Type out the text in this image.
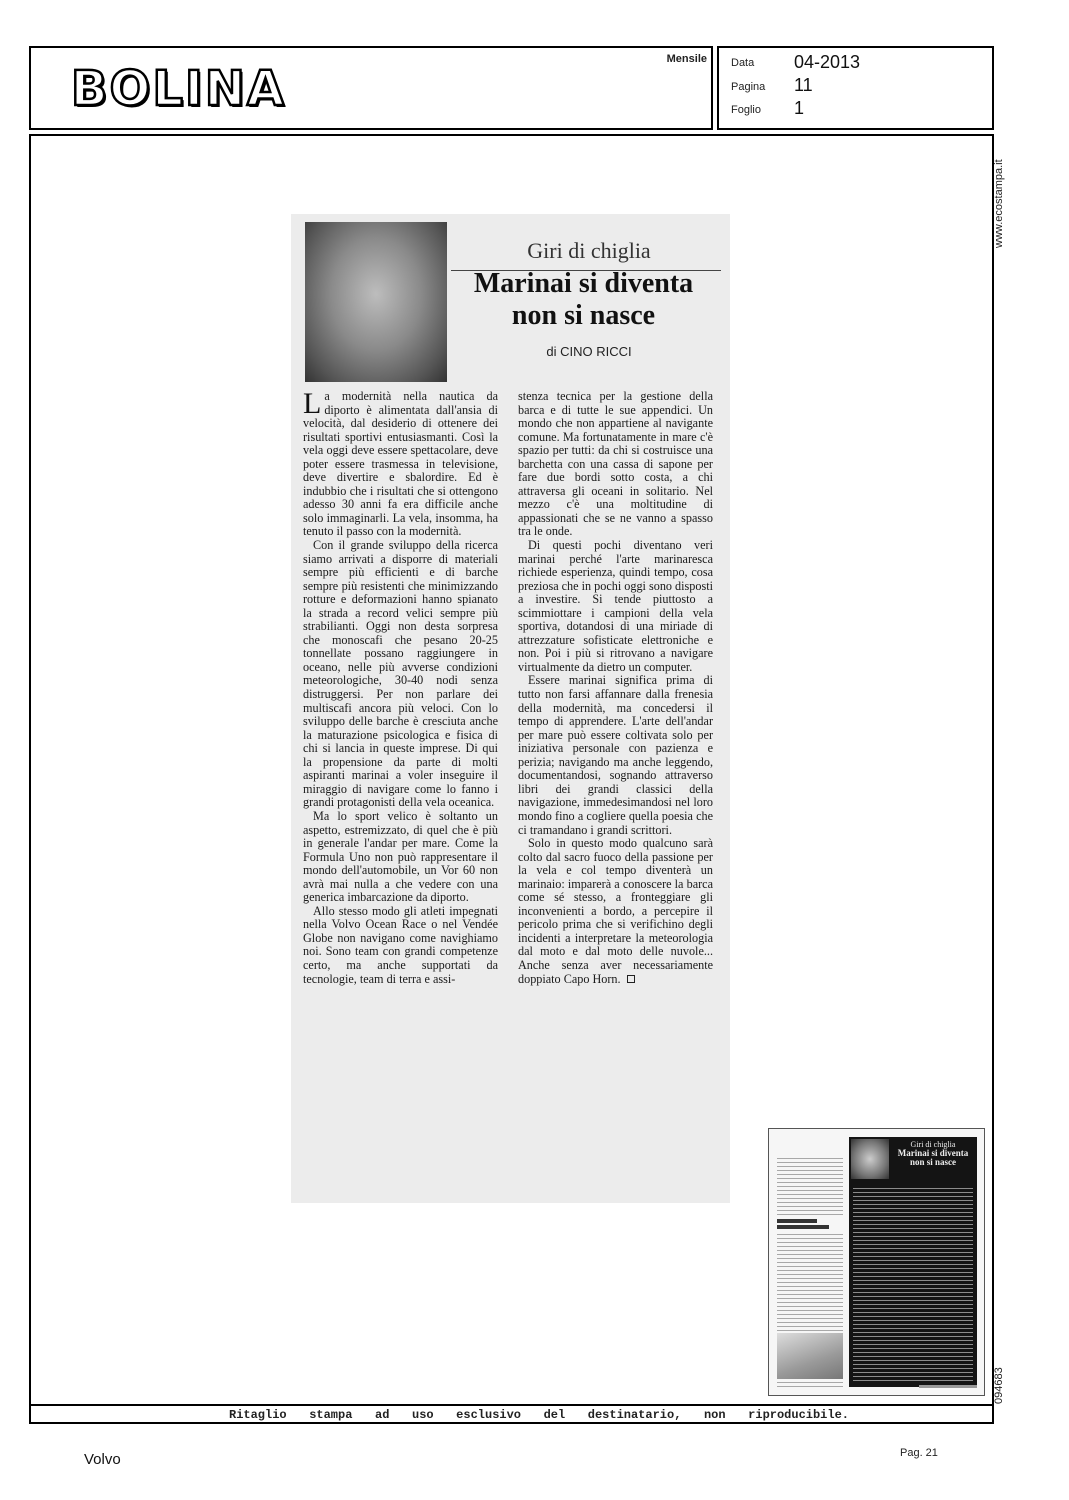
BOLINA
Mensile Data 04-2013
Pagina 11
Foglio 1
www.ecostampa.it
094683
Giri di chiglia
Marinai si diventa
non si nasce
di CINO RICCI

La modernità nella nautica da diporto è alimentata dall'ansia di velocità, dal desiderio di ottenere dei risultati sportivi entusiasmanti. Così la vela oggi deve essere spettacolare, deve poter essere trasmessa in televisione, deve divertire e sbalordire. Ed è indubbio che i risultati che si ottengono adesso 30 anni fa era difficile anche solo immaginarli. La vela, insomma, ha tenuto il passo con la modernità.

Con il grande sviluppo della ricerca siamo arrivati a disporre di materiali sempre più efficienti e di barche sempre più resistenti che minimizzando rotture e deformazioni hanno spianato la strada a record velici sempre più strabilianti. Oggi non desta sorpresa che monoscafi che pesano 20-25 tonnellate possano raggiungere in oceano, nelle più avverse condizioni meteorologiche, 30-40 nodi senza distruggersi. Per non parlare dei multiscafi ancora più veloci. Con lo sviluppo delle barche è cresciuta anche la maturazione psicologica e fisica di chi si lancia in queste imprese. Di qui la propensione da parte di molti aspiranti marinai a voler inseguire il miraggio di navigare come lo fanno i grandi protagonisti della vela oceanica.

Ma lo sport velico è soltanto un aspetto, estremizzato, di quel che è più in generale l'andar per mare. Come la Formula Uno non può rappresentare il mondo dell'automobile, un Vor 60 non avrà mai nulla a che vedere con una generica imbarcazione da diporto.

Allo stesso modo gli atleti impegnati nella Volvo Ocean Race o nel Vendée Globe non navigano come navighiamo noi. Sono team con grandi competenze certo, ma anche supportati da tecnologie, team di terra e assi-

stenza tecnica per la gestione della barca e di tutte le sue appendici. Un mondo che non appartiene al navigante comune. Ma fortunatamente in mare c'è spazio per tutti: da chi si costruisce una barchetta con una cassa di sapone per fare due bordi sotto costa, a chi attraversa gli oceani in solitario. Nel mezzo c'è una moltitudine di appassionati che se ne vanno a spasso tra le onde.

Di questi pochi diventano veri marinai perché l'arte marinaresca richiede esperienza, quindi tempo, cosa preziosa che in pochi oggi sono disposti a investire. Si tende piuttosto a scimmiottare i campioni della vela sportiva, dotandosi di una miriade di attrezzature sofisticate elettroniche e non. Poi i più si ritrovano a navigare virtualmente da dietro un computer.

Essere marinai significa prima di tutto non farsi affannare dalla frenesia della modernità, ma concedersi il tempo di apprendere. L'arte dell'andar per mare può essere coltivata solo per iniziativa personale con pazienza e perizia; navigando ma anche leggendo, documentandosi, sognando attraverso libri dei grandi classici della navigazione, immedesimandosi nel loro mondo fino a cogliere quella poesia che ci tramandano i grandi scrittori.

Solo in questo modo qualcuno sarà colto dal sacro fuoco della passione per la vela e col tempo diventerà un marinaio: imparerà a conoscere la barca come sé stesso, a fronteggiare gli inconvenienti a bordo, a percepire il pericolo prima che si verifichino degli incidenti a interpretare la meteorologia dal moto e dal moto delle nuvole... Anche senza aver necessariamente doppiato Capo Horn.

Giri di chiglia
Marinai si diventa
non si nasce
Ritaglio stampa ad uso esclusivo del destinatario, non riproducibile.
Volvo	Pag. 21
